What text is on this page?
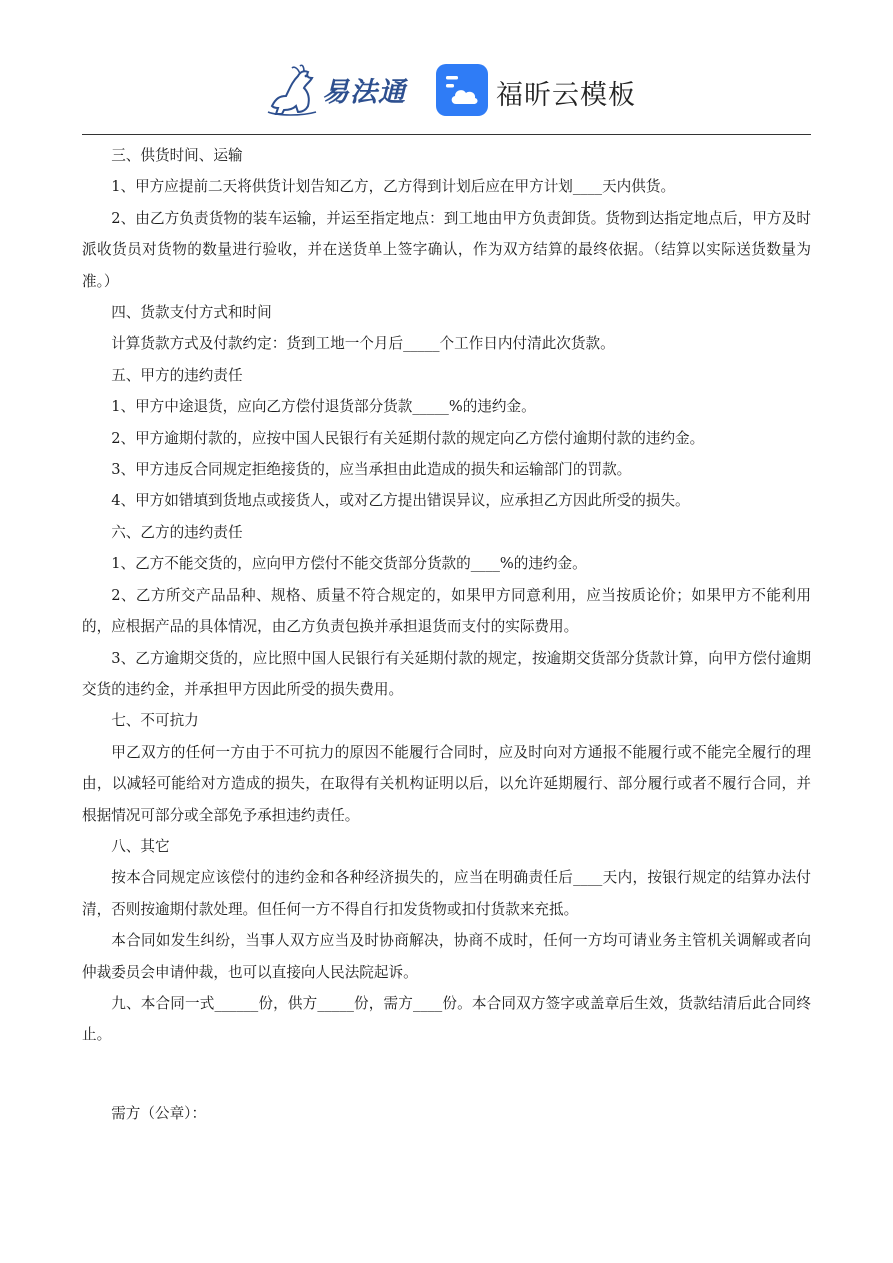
易法通	福昕云模板

三、供货时间、运输

1、甲方应提前二天将供货计划告知乙方，乙方得到计划后应在甲方计划____天内供货。

2、由乙方负责货物的装车运输，并运至指定地点：到工地由甲方负责卸货。货物到达指定地点后，甲方及时派收货员对货物的数量进行验收，并在送货单上签字确认，作为双方结算的最终依据。（结算以实际送货数量为准。）

四、货款支付方式和时间

计算货款方式及付款约定：货到工地一个月后_____个工作日内付清此次货款。

五、甲方的违约责任

1、甲方中途退货，应向乙方偿付退货部分货款_____%的违约金。

2、甲方逾期付款的，应按中国人民银行有关延期付款的规定向乙方偿付逾期付款的违约金。

3、甲方违反合同规定拒绝接货的，应当承担由此造成的损失和运输部门的罚款。

4、甲方如错填到货地点或接货人，或对乙方提出错误异议，应承担乙方因此所受的损失。

六、乙方的违约责任

1、乙方不能交货的，应向甲方偿付不能交货部分货款的____%的违约金。

2、乙方所交产品品种、规格、质量不符合规定的，如果甲方同意利用，应当按质论价；如果甲方不能利用的，应根据产品的具体情况，由乙方负责包换并承担退货而支付的实际费用。

3、乙方逾期交货的，应比照中国人民银行有关延期付款的规定，按逾期交货部分货款计算，向甲方偿付逾期交货的违约金，并承担甲方因此所受的损失费用。

七、不可抗力

甲乙双方的任何一方由于不可抗力的原因不能履行合同时，应及时向对方通报不能履行或不能完全履行的理由，以减轻可能给对方造成的损失，在取得有关机构证明以后，以允许延期履行、部分履行或者不履行合同，并根据情况可部分或全部免予承担违约责任。

八、其它

按本合同规定应该偿付的违约金和各种经济损失的，应当在明确责任后____天内，按银行规定的结算办法付清，否则按逾期付款处理。但任何一方不得自行扣发货物或扣付货款来充抵。

本合同如发生纠纷，当事人双方应当及时协商解决，协商不成时，任何一方均可请业务主管机关调解或者向仲裁委员会申请仲裁，也可以直接向人民法院起诉。

九、本合同一式______份，供方_____份，需方____份。本合同双方签字或盖章后生效，货款结清后此合同终止。

需方（公章）：
